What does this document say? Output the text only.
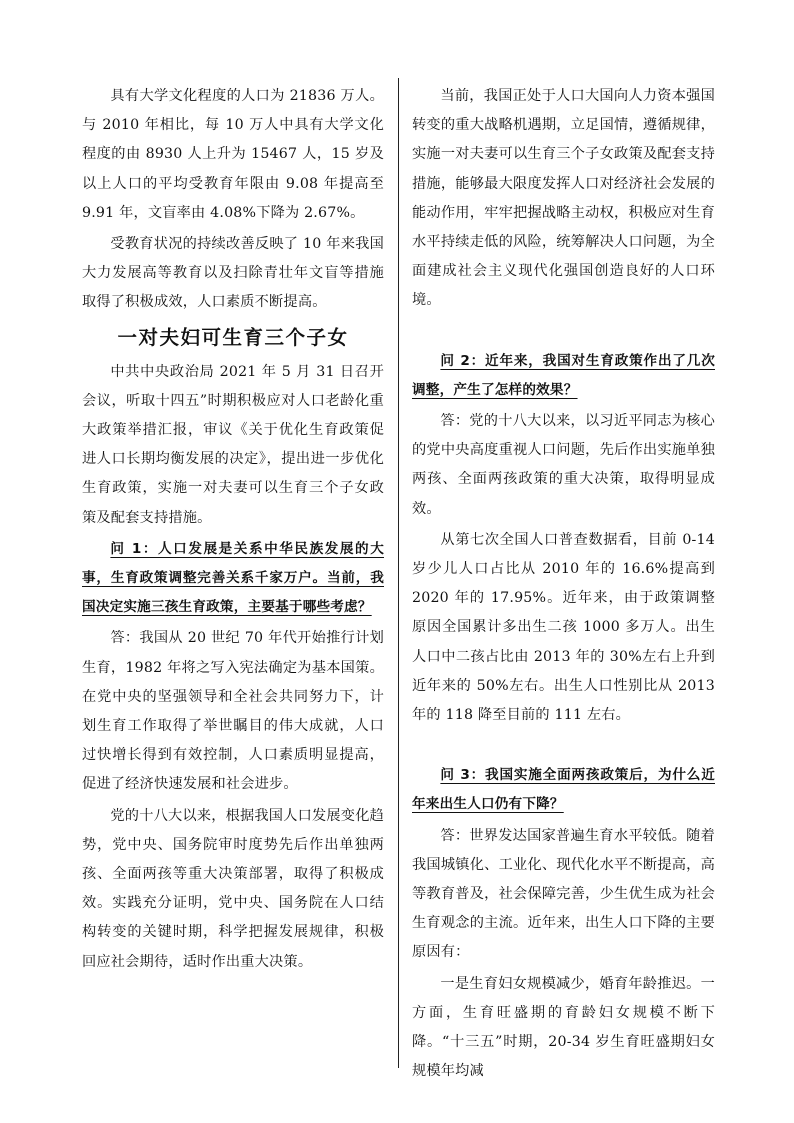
具有大学文化程度的人口为 21836 万人。与 2010 年相比，每 10 万人中具有大学文化程度的由 8930 人上升为 15467 人，15 岁及以上人口的平均受教育年限由 9.08 年提高至 9.91 年，文盲率由 4.08%下降为 2.67%。

受教育状况的持续改善反映了 10 年来我国大力发展高等教育以及扫除青壮年文盲等措施取得了积极成效，人口素质不断提高。

一对夫妇可生育三个子女

中共中央政治局 2021 年 5 月 31 日召开会议，听取十四五”时期积极应对人口老龄化重大政策举措汇报，审议《关于优化生育政策促进人口长期均衡发展的决定》，提出进一步优化生育政策，实施一对夫妻可以生育三个子女政策及配套支持措施。

问 1：人口发展是关系中华民族发展的大事，生育政策调整完善关系千家万户。当前，我国决定实施三孩生育政策，主要基于哪些考虑？

答：我国从 20 世纪 70 年代开始推行计划生育，1982 年将之写入宪法确定为基本国策。在党中央的坚强领导和全社会共同努力下，计划生育工作取得了举世瞩目的伟大成就，人口过快增长得到有效控制，人口素质明显提高，促进了经济快速发展和社会进步。

党的十八大以来，根据我国人口发展变化趋势，党中央、国务院审时度势先后作出单独两孩、全面两孩等重大决策部署，取得了积极成效。实践充分证明，党中央、国务院在人口结构转变的关键时期，科学把握发展规律，积极回应社会期待，适时作出重大决策。

当前，我国正处于人口大国向人力资本强国转变的重大战略机遇期，立足国情，遵循规律，实施一对夫妻可以生育三个子女政策及配套支持措施，能够最大限度发挥人口对经济社会发展的能动作用，牢牢把握战略主动权，积极应对生育水平持续走低的风险，统筹解决人口问题，为全面建成社会主义现代化强国创造良好的人口环境。

问 2：近年来，我国对生育政策作出了几次调整，产生了怎样的效果？

答：党的十八大以来，以习近平同志为核心的党中央高度重视人口问题，先后作出实施单独两孩、全面两孩政策的重大决策，取得明显成效。

从第七次全国人口普查数据看，目前 0-14 岁少儿人口占比从 2010 年的 16.6%提高到 2020 年的 17.95%。近年来，由于政策调整原因全国累计多出生二孩 1000 多万人。出生人口中二孩占比由 2013 年的 30%左右上升到近年来的 50%左右。出生人口性别比从 2013 年的 118 降至目前的 111 左右。

问 3：我国实施全面两孩政策后，为什么近年来出生人口仍有下降？

答：世界发达国家普遍生育水平较低。随着我国城镇化、工业化、现代化水平不断提高，高等教育普及，社会保障完善，少生优生成为社会生育观念的主流。近年来，出生人口下降的主要原因有：

一是生育妇女规模减少，婚育年龄推迟。一方面，生育旺盛期的育龄妇女规模不断下降。“十三五”时期，20-34 岁生育旺盛期妇女规模年均减
